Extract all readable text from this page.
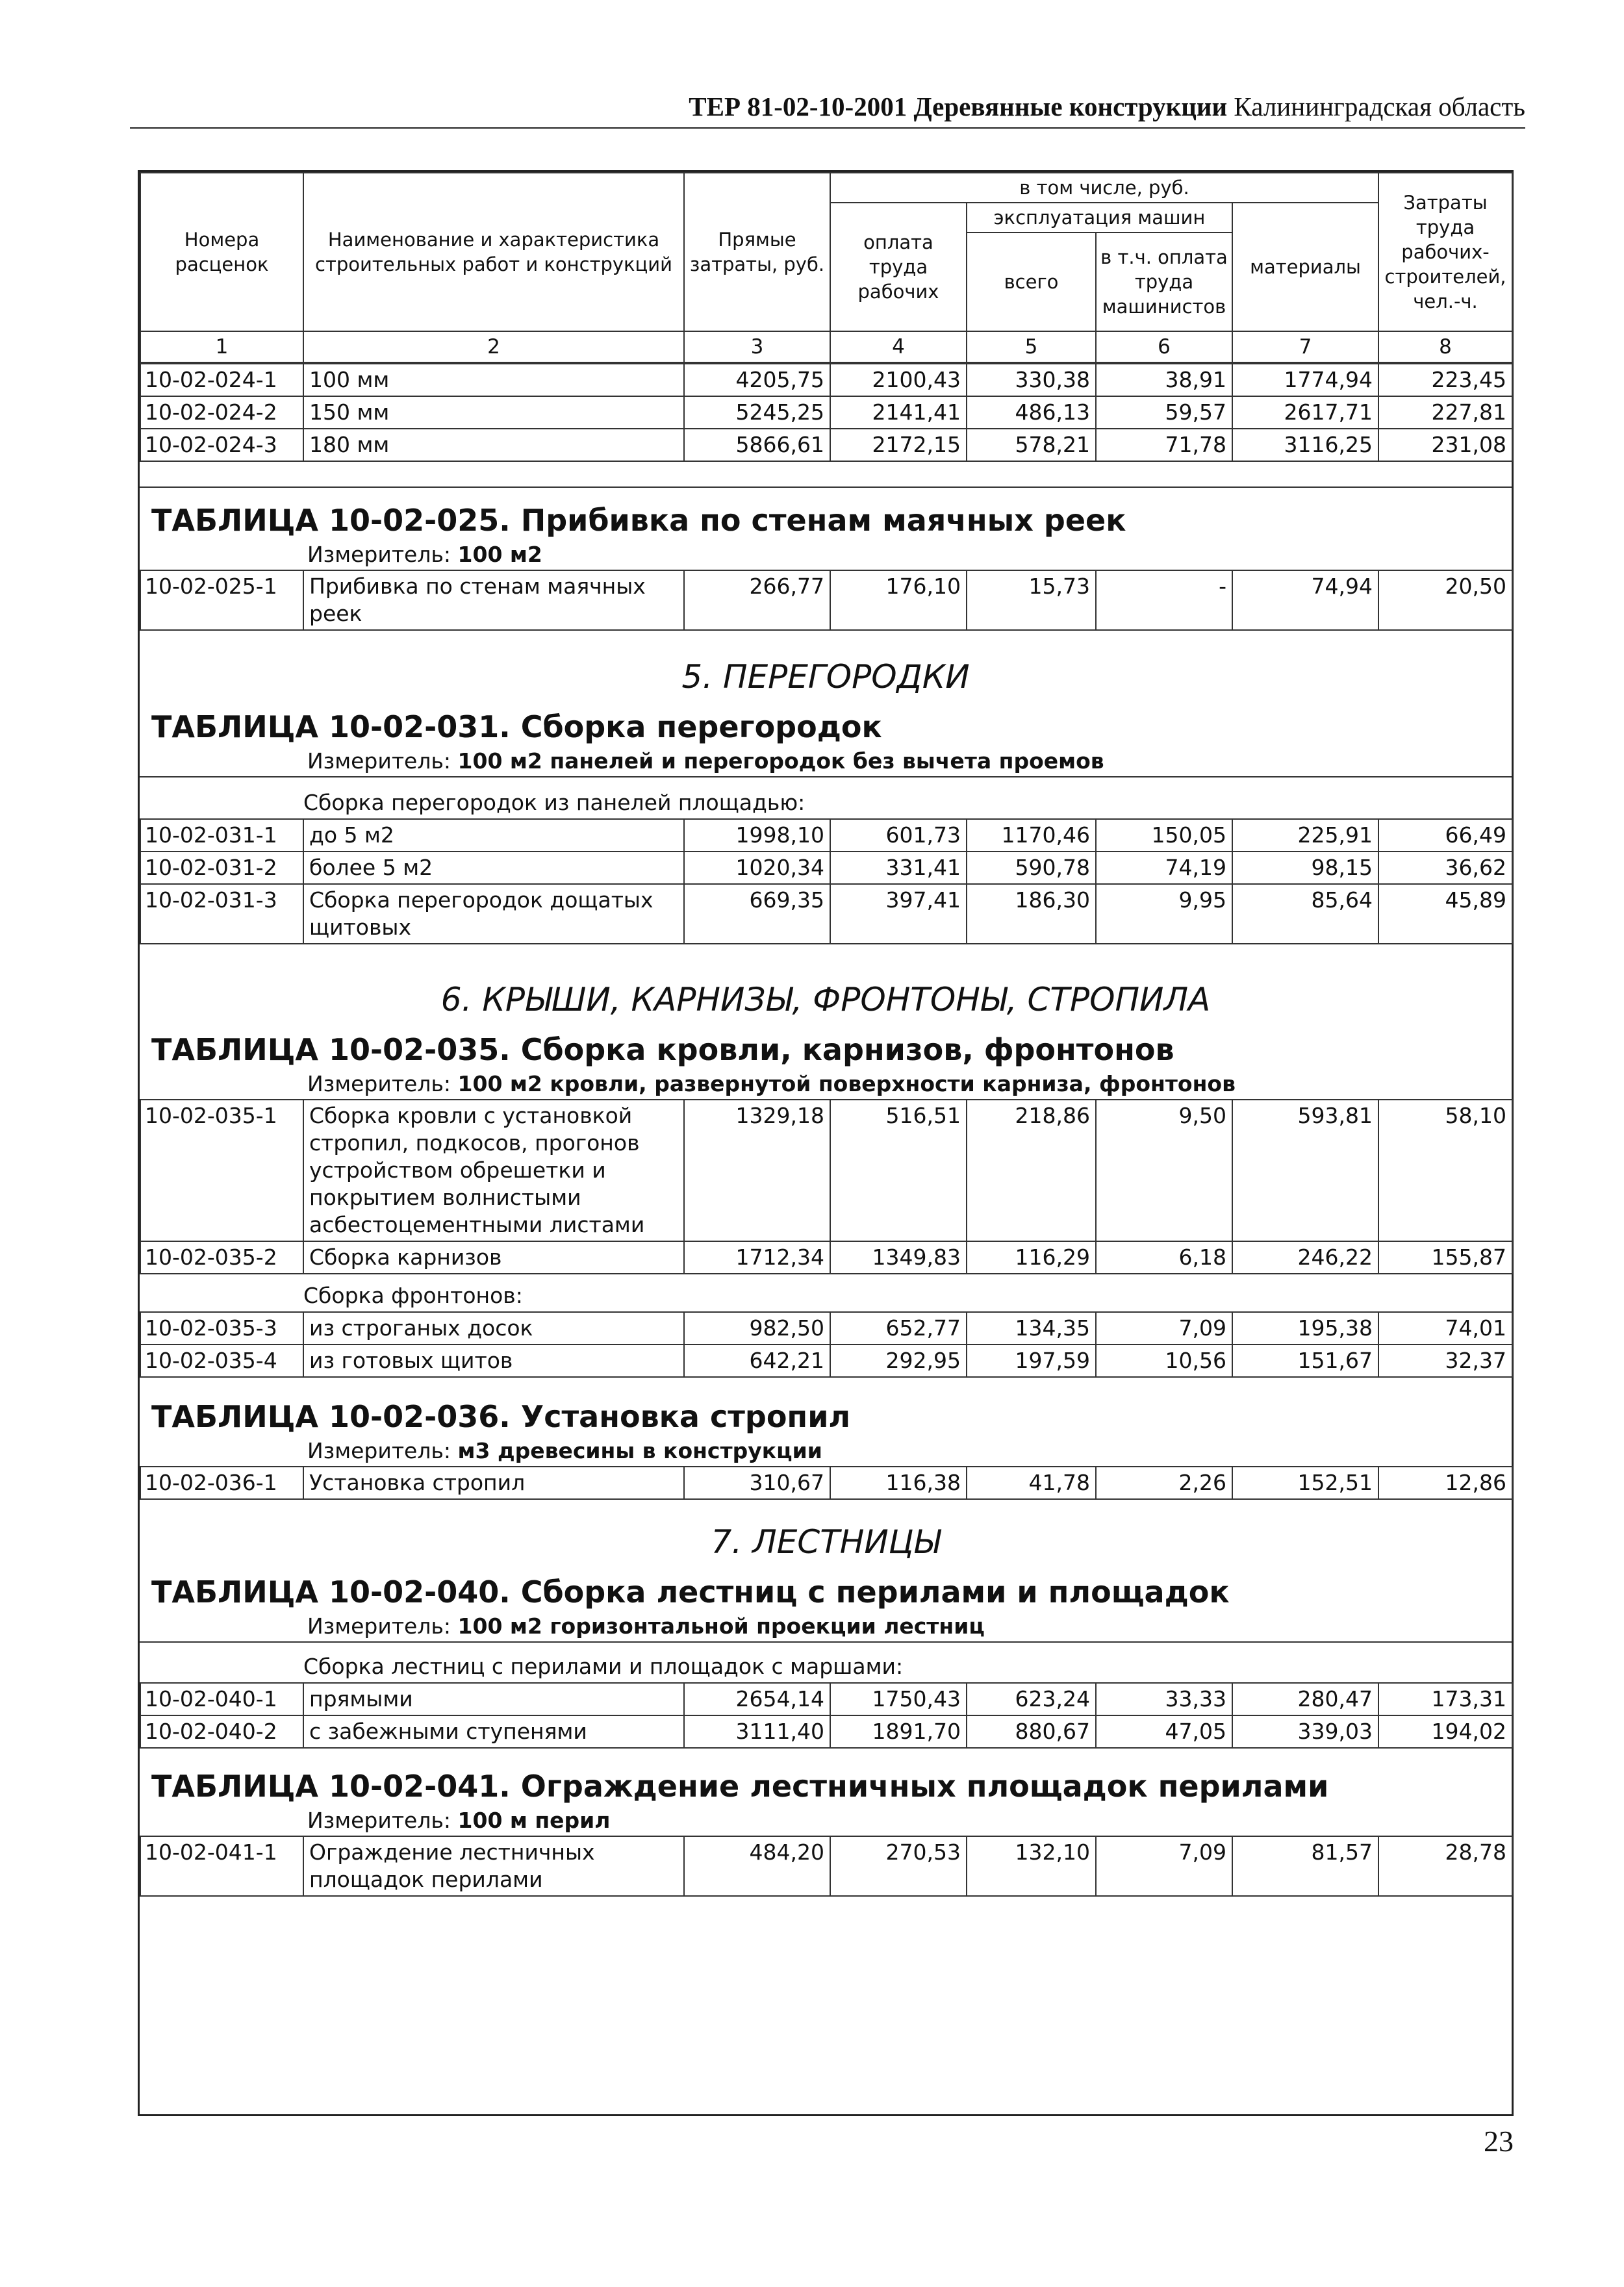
ТЕР 81-02-10-2001 Деревянные конструкции Калининградская область
Номера расценок	Наименование и характеристика строительных работ и конструкций	Прямые затраты, руб.	в том числе, руб.				Затраты труда рабочих-строителей, чел.-ч.
			оплата труда рабочих	эксплуатация машин		материалы	
				всего	в т.ч. оплата труда машинистов		
1	2	3	4	5	6	7	8
10-02-024-1	100 мм	4205,75	2100,43	330,38	38,91	1774,94	223,45
10-02-024-2	150 мм	5245,25	2141,41	486,13	59,57	2617,71	227,81
10-02-024-3	180 мм	5866,61	2172,15	578,21	71,78	3116,25	231,08
ТАБЛИЦА 10-02-025. Прибивка по стенам маячных реек
Измеритель: 100 м2
10-02-025-1	Прибивка по стенам маячных реек	266,77	176,10	15,73	-	74,94	20,50
5. ПЕРЕГОРОДКИ
ТАБЛИЦА 10-02-031. Сборка перегородок
Измеритель: 100 м2 панелей и перегородок без вычета проемов
Сборка перегородок из панелей площадью:
10-02-031-1	до 5 м2	1998,10	601,73	1170,46	150,05	225,91	66,49
10-02-031-2	более 5 м2	1020,34	331,41	590,78	74,19	98,15	36,62
10-02-031-3	Сборка перегородок дощатых щитовых	669,35	397,41	186,30	9,95	85,64	45,89
6. КРЫШИ, КАРНИЗЫ, ФРОНТОНЫ, СТРОПИЛА
ТАБЛИЦА 10-02-035. Сборка кровли, карнизов, фронтонов
Измеритель: 100 м2 кровли, развернутой поверхности карниза, фронтонов
10-02-035-1	Сборка кровли с установкой стропил, подкосов, прогонов устройством обрешетки и покрытием волнистыми асбестоцементными листами	1329,18	516,51	218,86	9,50	593,81	58,10
10-02-035-2	Сборка карнизов	1712,34	1349,83	116,29	6,18	246,22	155,87
Сборка фронтонов:
10-02-035-3	из строганых досок	982,50	652,77	134,35	7,09	195,38	74,01
10-02-035-4	из готовых щитов	642,21	292,95	197,59	10,56	151,67	32,37
ТАБЛИЦА 10-02-036. Установка стропил
Измеритель: м3 древесины в конструкции
10-02-036-1	Установка стропил	310,67	116,38	41,78	2,26	152,51	12,86
7. ЛЕСТНИЦЫ
ТАБЛИЦА 10-02-040. Сборка лестниц с перилами и площадок
Измеритель: 100 м2 горизонтальной проекции лестниц
Сборка лестниц с перилами и площадок с маршами:
10-02-040-1	прямыми	2654,14	1750,43	623,24	33,33	280,47	173,31
10-02-040-2	с забежными ступенями	3111,40	1891,70	880,67	47,05	339,03	194,02
ТАБЛИЦА 10-02-041. Ограждение лестничных площадок перилами
Измеритель: 100 м перил
10-02-041-1	Ограждение лестничных площадок перилами	484,20	270,53	132,10	7,09	81,57	28,78
23
